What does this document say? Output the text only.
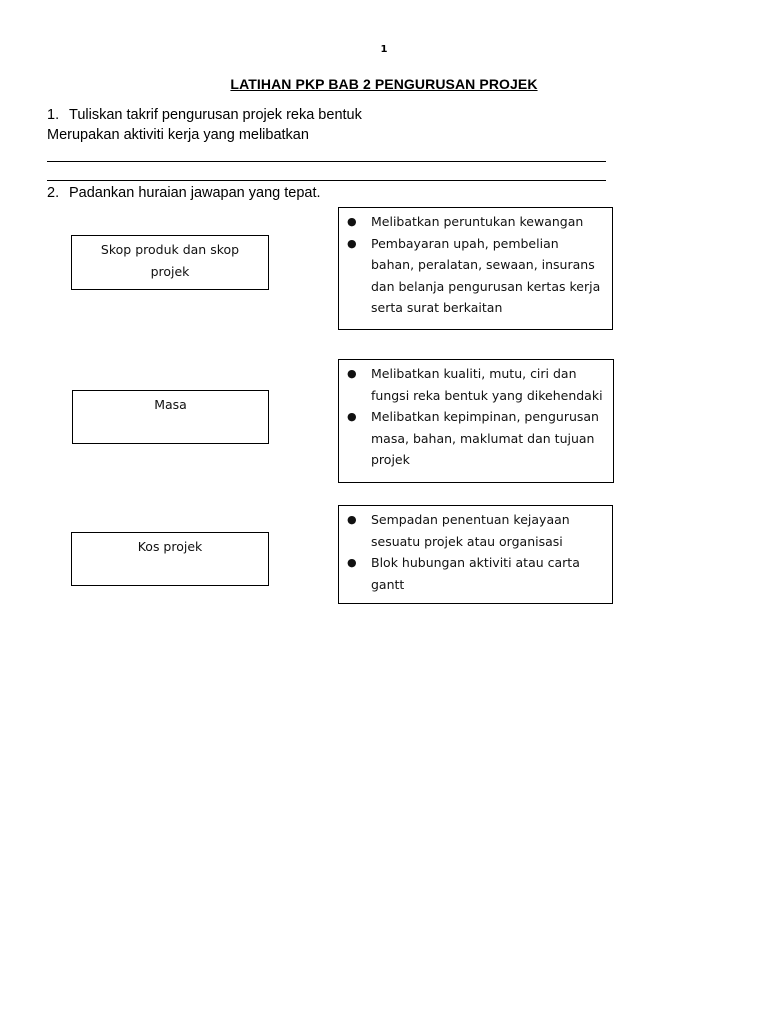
1
LATIHAN PKP BAB 2 PENGURUSAN PROJEK
1. Tuliskan takrif pengurusan projek reka bentuk
Merupakan aktiviti kerja yang melibatkan
2. Padankan huraian jawapan yang tepat.
Skop produk dan skop projek
Masa
Kos projek
● Melibatkan peruntukan kewangan
● Pembayaran upah, pembelian bahan, peralatan, sewaan, insurans dan belanja pengurusan kertas kerja serta surat berkaitan
● Melibatkan kualiti, mutu, ciri dan fungsi reka bentuk yang dikehendaki
● Melibatkan kepimpinan, pengurusan masa, bahan, maklumat dan tujuan projek
● Sempadan penentuan kejayaan sesuatu projek atau organisasi
● Blok hubungan aktiviti atau carta gantt
